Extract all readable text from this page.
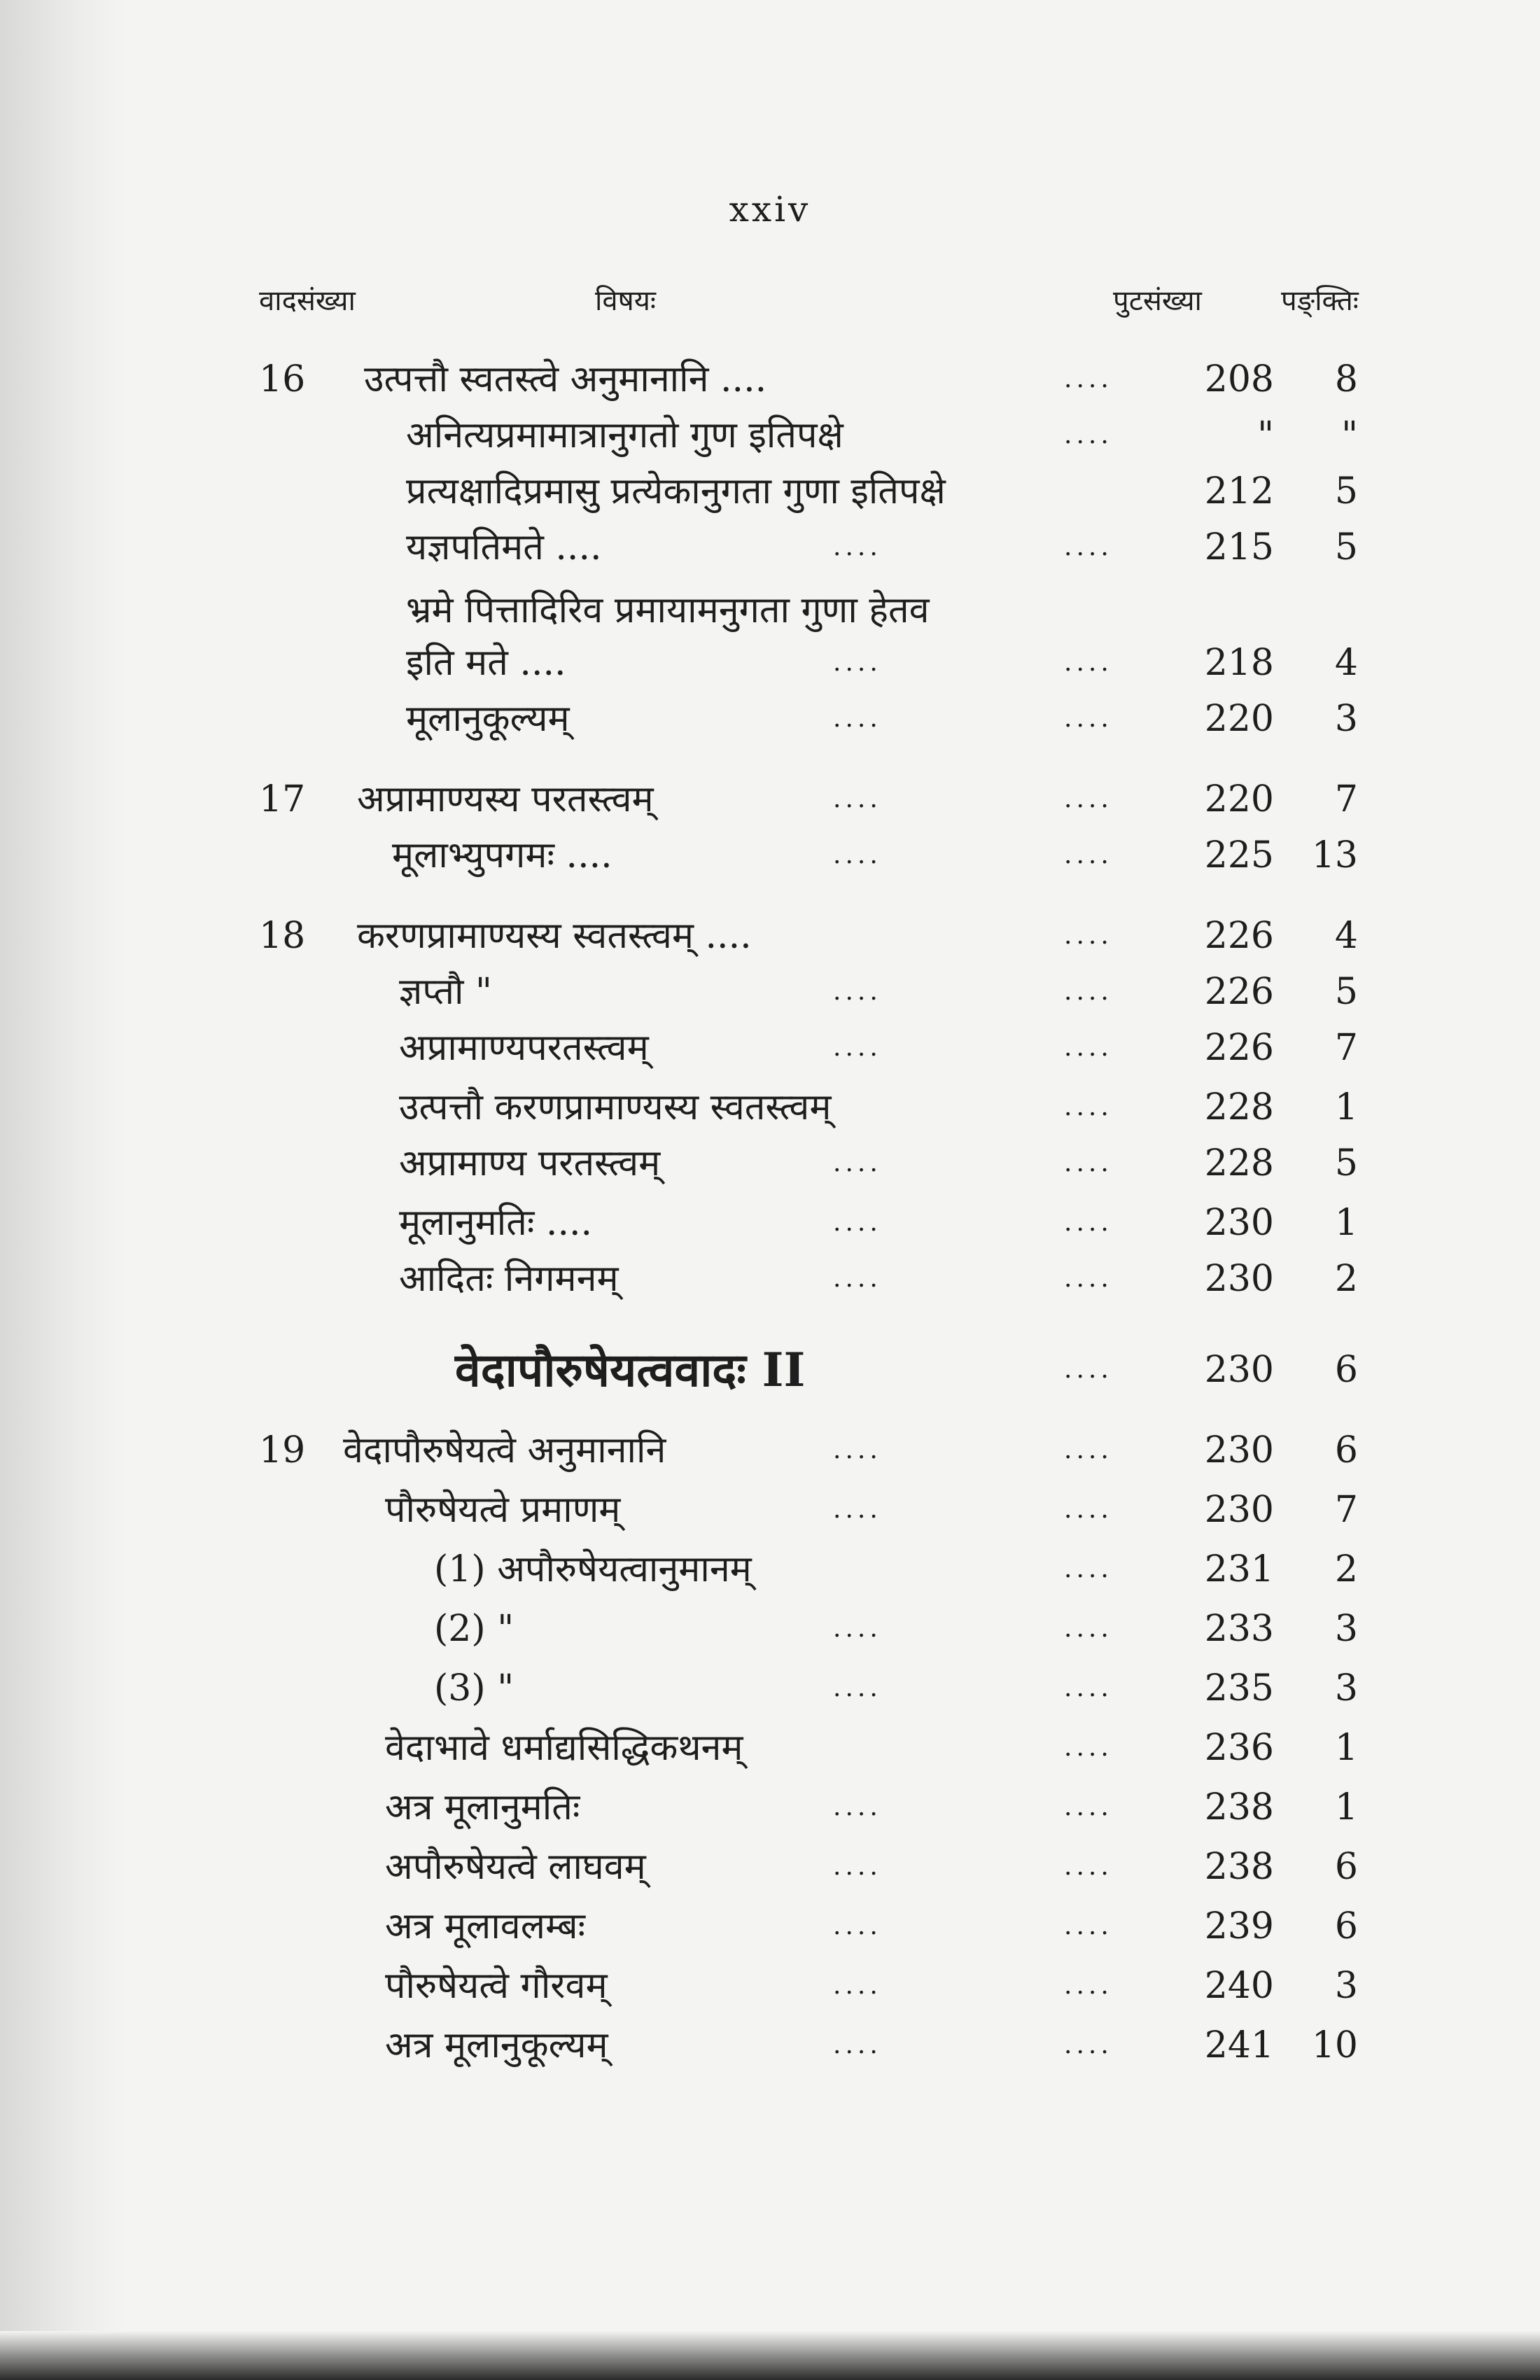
xxiv
वादसंख्या	विषयः	पुटसंख्या	पङ्क्तिः
16	उत्पत्तौ स्वतस्त्वे अनुमानानि ....	....	208	8
अनित्यप्रमामात्रानुगतो गुण इतिपक्षे	....	"	"
प्रत्यक्षादिप्रमासु प्रत्येकानुगता गुणा इतिपक्षे	212	5
यज्ञपतिमते ....	....	....	215	5
भ्रमे पित्तादिरिव प्रमायामनुगता गुणा हेतव
इति मते ....	....	....	218	4
मूलानुकूल्यम्	....	....	220	3
17	अप्रामाण्यस्य परतस्त्वम्	....	....	220	7
मूलाभ्युपगमः ....	....	....	225	13
18	करणप्रामाण्यस्य स्वतस्त्वम् ....	....	226	4
ज्ञप्तौ "	....	....	226	5
अप्रामाण्यपरतस्त्वम्	....	....	226	7
उत्पत्तौ करणप्रामाण्यस्य स्वतस्त्वम्	....	228	1
अप्रामाण्य परतस्त्वम्	....	....	228	5
मूलानुमतिः ....	....	....	230	1
आदितः निगमनम्	....	....	230	2
वेदापौरुषेयत्ववादः II	....	230	6
19	वेदापौरुषेयत्वे अनुमानानि	....	....	230	6
पौरुषेयत्वे प्रमाणम्	....	....	230	7
(1) अपौरुषेयत्वानुमानम्	....	231	2
(2) "	....	....	233	3
(3) "	....	....	235	3
वेदाभावे धर्माद्यसिद्धिकथनम्	....	236	1
अत्र मूलानुमतिः	....	....	238	1
अपौरुषेयत्वे लाघवम्	....	....	238	6
अत्र मूलावलम्बः	....	....	239	6
पौरुषेयत्वे गौरवम्	....	....	240	3
अत्र मूलानुकूल्यम्	....	....	241	10
